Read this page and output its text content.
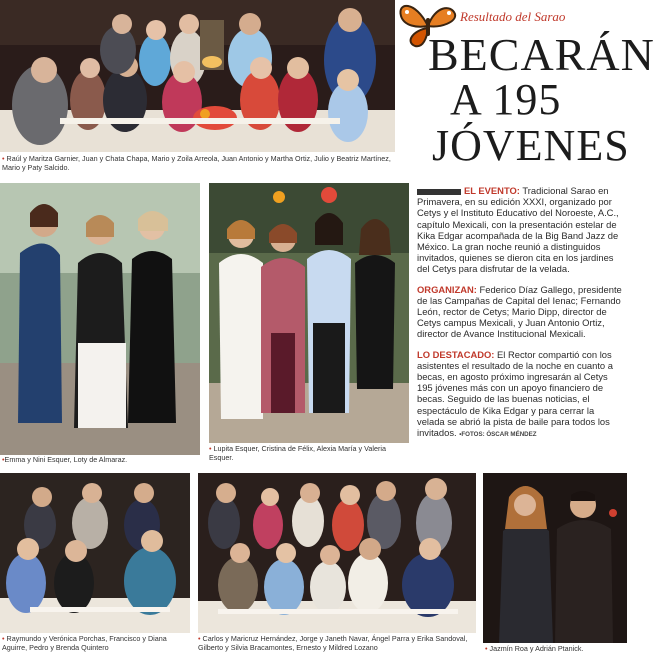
• Raúl y Maritza Garnier, Juan y Chata Chapa, Mario y Zoila Arreola, Juan Antonio y Martha Ortiz, Julio y Beatriz Martínez, Mario y Paty Salcido.
Resultado del Sarao
BECARÁN
A 195
JÓVENES
•Emma y Nini Esquer, Loty de Almaraz.
• Lupita Esquer, Cristina de Félix, Alexia María y Valeria Esquer.

EL EVENTO: Tradicional Sarao en Primavera, en su edición XXXI, organizado por Cetys y el Instituto Educativo del Noroeste, A.C., capítulo Mexicali, con la presentación estelar de Kika Edgar acompañada de la Big Band Jazz de México. La gran noche reunió a distinguidos invitados, quienes se dieron cita en los jardines del Cetys para disfrutar de la velada.

ORGANIZAN: Federico Díaz Gallego, presidente de las Campañas de Capital del Ienac; Fernando León, rector de Cetys; Mario Dipp, director de Cetys campus Mexicali, y Juan Antonio Ortiz, director de Avance Institucional Mexicali.

LO DESTACADO: El Rector compartió con los asistentes el resultado de la noche en cuanto a becas, en agosto próximo ingresarán al Cetys 195 jóvenes más con un apoyo financiero de becas. Seguido de las buenas noticias, el espectáculo de Kika Edgar y para cerrar la velada se abrió la pista de baile para todos los invitados. •FOTOS: ÓSCAR MÉNDEZ

• Raymundo y Verónica Porchas, Francisco y Diana Aguirre, Pedro y Brenda Quintero
• Carlos y Maricruz Hernández, Jorge y Janeth Navar, Ángel Parra y Erika Sandoval, Gilberto y Silvia Bracamontes, Ernesto y Mildred Lozano	• Jazmín Roa y Adrián Ptanick.
